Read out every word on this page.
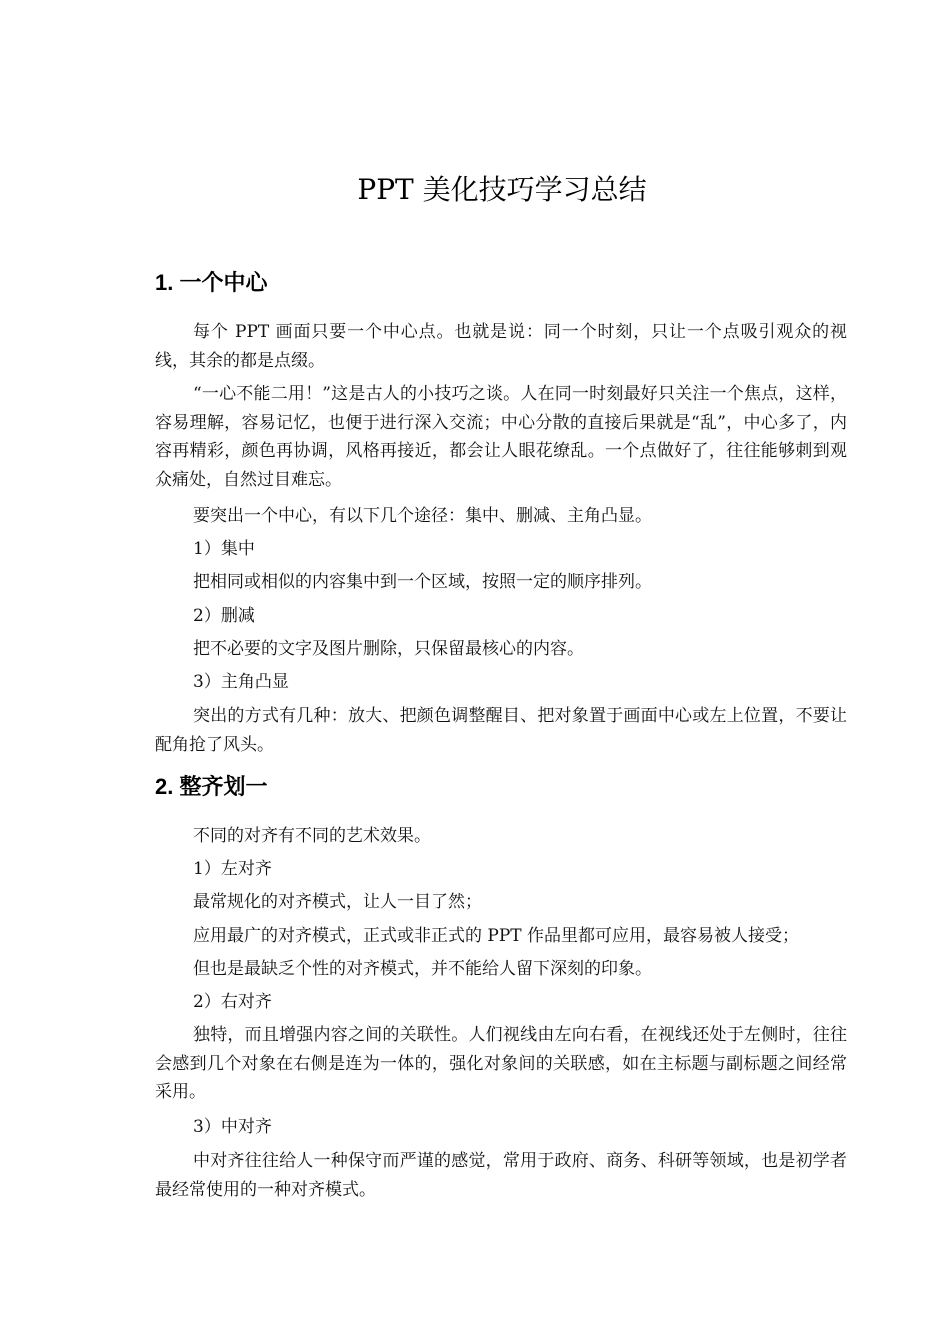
PPT 美化技巧学习总结
1. 一个中心
每个 PPT 画面只要一个中心点。也就是说：同一个时刻，只让一个点吸引观众的视线，其余的都是点缀。
“一心不能二用！”这是古人的小技巧之谈。人在同一时刻最好只关注一个焦点，这样，容易理解，容易记忆，也便于进行深入交流；中心分散的直接后果就是“乱”，中心多了，内容再精彩，颜色再协调，风格再接近，都会让人眼花缭乱。一个点做好了，往往能够刺到观众痛处，自然过目难忘。
要突出一个中心，有以下几个途径：集中、删减、主角凸显。
1）集中
把相同或相似的内容集中到一个区域，按照一定的顺序排列。
2）删减
把不必要的文字及图片删除，只保留最核心的内容。
3）主角凸显
突出的方式有几种：放大、把颜色调整醒目、把对象置于画面中心或左上位置，不要让配角抢了风头。
2. 整齐划一
不同的对齐有不同的艺术效果。
1）左对齐
最常规化的对齐模式，让人一目了然；
应用最广的对齐模式，正式或非正式的 PPT 作品里都可应用，最容易被人接受；
但也是最缺乏个性的对齐模式，并不能给人留下深刻的印象。
2）右对齐
独特，而且增强内容之间的关联性。人们视线由左向右看，在视线还处于左侧时，往往会感到几个对象在右侧是连为一体的，强化对象间的关联感，如在主标题与副标题之间经常采用。
3）中对齐
中对齐往往给人一种保守而严谨的感觉，常用于政府、商务、科研等领域，也是初学者最经常使用的一种对齐模式。
